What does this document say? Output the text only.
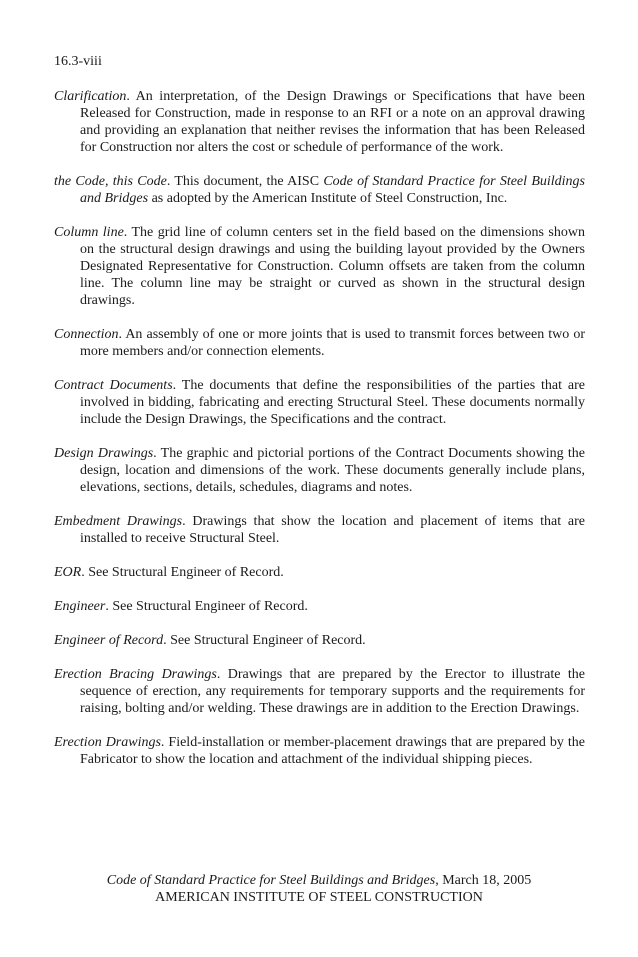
16.3-viii

Clarification. An interpretation, of the Design Drawings or Specifications that have been Released for Construction, made in response to an RFI or a note on an approval drawing and providing an explanation that neither revises the information that has been Released for Construction nor alters the cost or schedule of performance of the work.

the Code, this Code. This document, the AISC Code of Standard Practice for Steel Buildings and Bridges as adopted by the American Institute of Steel Construction, Inc.

Column line. The grid line of column centers set in the field based on the dimensions shown on the structural design drawings and using the building layout provided by the Owners Designated Representative for Construction. Column offsets are taken from the column line. The column line may be straight or curved as shown in the structural design drawings.

Connection. An assembly of one or more joints that is used to transmit forces between two or more members and/or connection elements.

Contract Documents. The documents that define the responsibilities of the parties that are involved in bidding, fabricating and erecting Structural Steel. These documents normally include the Design Drawings, the Specifications and the contract.

Design Drawings. The graphic and pictorial portions of the Contract Documents showing the design, location and dimensions of the work. These documents generally include plans, elevations, sections, details, schedules, diagrams and notes.

Embedment Drawings. Drawings that show the location and placement of items that are installed to receive Structural Steel.

EOR. See Structural Engineer of Record.

Engineer. See Structural Engineer of Record.

Engineer of Record. See Structural Engineer of Record.

Erection Bracing Drawings. Drawings that are prepared by the Erector to illustrate the sequence of erection, any requirements for temporary supports and the requirements for raising, bolting and/or welding. These drawings are in addition to the Erection Drawings.

Erection Drawings. Field-installation or member-placement drawings that are prepared by the Fabricator to show the location and attachment of the individual shipping pieces.

Code of Standard Practice for Steel Buildings and Bridges, March 18, 2005
AMERICAN INSTITUTE OF STEEL CONSTRUCTION
